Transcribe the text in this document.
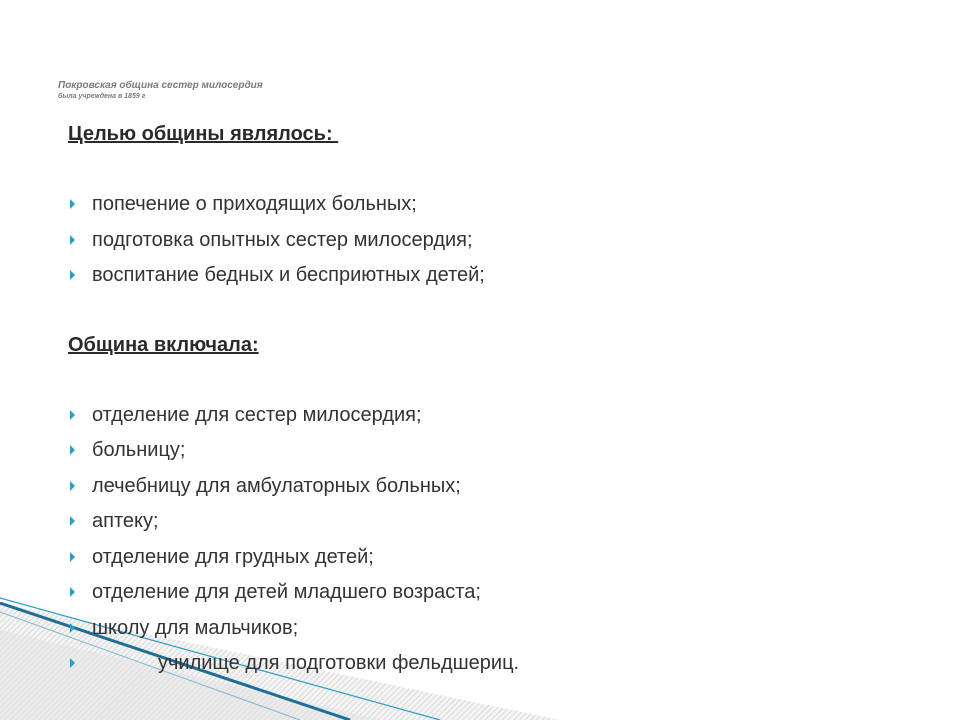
Покровская община сестер милосердия
была учреждена в 1859 г
Целью общины являлось:
попечение о приходящих больных;
подготовка опытных сестер милосердия;
воспитание бедных и бесприютных детей;
Община включала:
отделение для сестер милосердия;
больницу;
лечебницу для амбулаторных больных;
аптеку;
отделение для грудных детей;
отделение для детей младшего возраста;
школу для мальчиков;
училище для подготовки фельдшериц.
